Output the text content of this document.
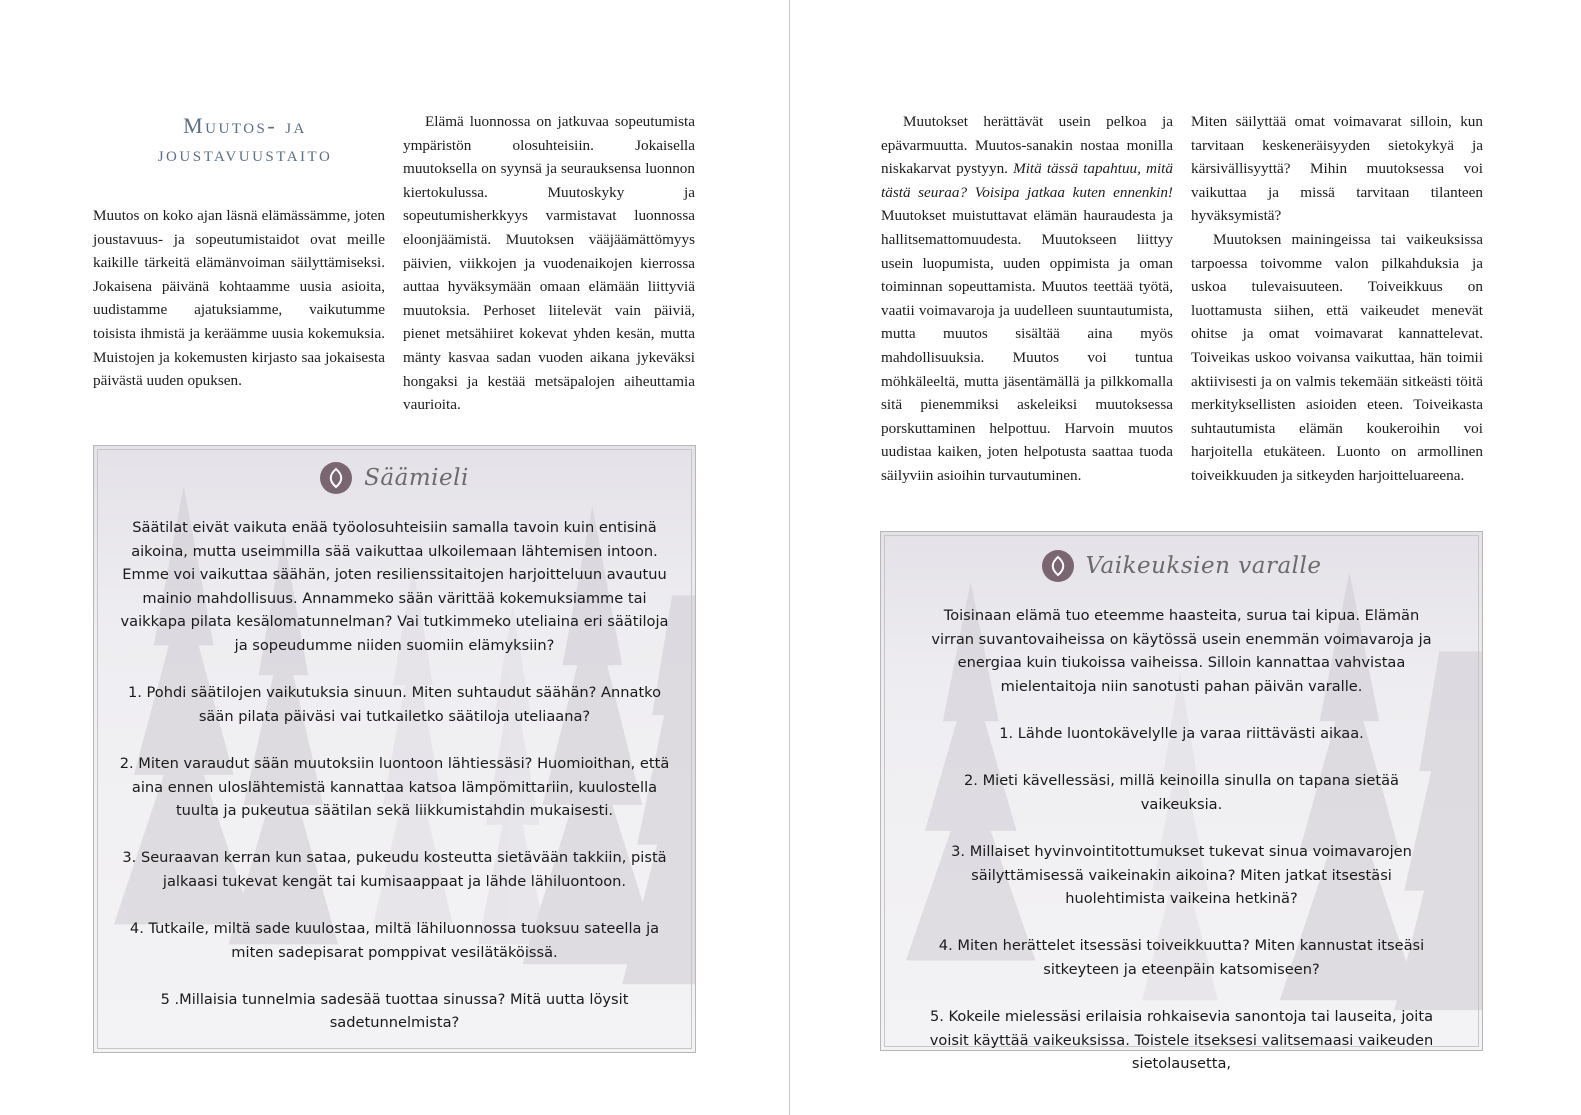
Muutos- ja joustavuustaito

Muutos on koko ajan läsnä elämässämme, joten joustavuus- ja sopeutumistaidot ovat meille kaikille tärkeitä elämänvoiman säilyttämiseksi. Jokaisena päivänä kohtaamme uusia asioita, uudistamme ajatuksiamme, vaikutumme toisista ihmistä ja keräämme uusia kokemuksia. Muistojen ja kokemusten kirjasto saa jokaisesta päivästä uuden opuksen.

Elämä luonnossa on jatkuvaa sopeutumista ympäristön olosuhteisiin. Jokaisella muutoksella on syynsä ja seurauksensa luonnon kiertokulussa. Muutoskyky ja sopeutumisherkkyys varmistavat luonnossa eloonjäämistä. Muutoksen vääjäämättömyys päivien, viikkojen ja vuodenaikojen kierrossa auttaa hyväksymään omaan elämään liittyviä muutoksia. Perhoset liitelevät vain päiviä, pienet metsähiiret kokevat yhden kesän, mutta mänty kasvaa sadan vuoden aikana jykeväksi hongaksi ja kestää metsäpalojen aiheuttamia vaurioita.

Säämieli

Säätilat eivät vaikuta enää työolosuhteisiin samalla tavoin kuin entisinä aikoina, mutta useimmilla sää vaikuttaa ulkoilemaan lähtemisen intoon. Emme voi vaikuttaa säähän, joten resilienssitaitojen harjoitteluun avautuu mainio mahdollisuus. Annammeko sään värittää kokemuksiamme tai vaikkapa pilata kesälomatunnelman? Vai tutkimmeko uteliaina eri säätiloja ja sopeudumme niiden suomiin elämyksiin?

1. Pohdi säätilojen vaikutuksia sinuun. Miten suhtaudut säähän? Annatko sään pilata päiväsi vai tutkailetko säätiloja uteliaana?

2. Miten varaudut sään muutoksiin luontoon lähtiessäsi? Huomioithan, että aina ennen uloslähtemistä kannattaa katsoa lämpömittariin, kuulostella tuulta ja pukeutua säätilan sekä liikkumistahdin mukaisesti.

3. Seuraavan kerran kun sataa, pukeudu kosteutta sietävään takkiin, pistä jalkaasi tukevat kengät tai kumisaappaat ja lähde lähiluontoon.

4. Tutkaile, miltä sade kuulostaa, miltä lähiluonnossa tuoksuu sateella ja miten sadepisarat pomppivat vesilätäköissä.

5 .Millaisia tunnelmia sadesää tuottaa sinussa? Mitä uutta löysit sadetunnelmista?

Muutokset herättävät usein pelkoa ja epävarmuutta. Muutos-sanakin nostaa monilla niskakarvat pystyyn. Mitä tässä tapahtuu, mitä tästä seuraa? Voisipa jatkaa kuten ennenkin! Muutokset muistuttavat elämän hauraudesta ja hallitsemattomuudesta. Muutokseen liittyy usein luopumista, uuden oppimista ja oman toiminnan sopeuttamista. Muutos teettää työtä, vaatii voimavaroja ja uudelleen suuntautumista, mutta muutos sisältää aina myös mahdollisuuksia. Muutos voi tuntua möhkäleeltä, mutta jäsentämällä ja pilkkomalla sitä pienemmiksi askeleiksi muutoksessa porskuttaminen helpottuu. Harvoin muutos uudistaa kaiken, joten helpotusta saattaa tuoda säilyviin asioihin turvautuminen.

Miten säilyttää omat voimavarat silloin, kun tarvitaan keskeneräisyyden sietokykyä ja kärsivällisyyttä? Mihin muutoksessa voi vaikuttaa ja missä tarvitaan tilanteen hyväksymistä?

Muutoksen mainingeissa tai vaikeuksissa tarpoessa toivomme valon pilkahduksia ja uskoa tulevaisuuteen. Toiveikkuus on luottamusta siihen, että vaikeudet menevät ohitse ja omat voimavarat kannattelevat. Toiveikas uskoo voivansa vaikuttaa, hän toimii aktiivisesti ja on valmis tekemään sitkeästi töitä merkityksellisten asioiden eteen. Toiveikasta suhtautumista elämän koukeroihin voi harjoitella etukäteen. Luonto on armollinen toiveikkuuden ja sitkeyden harjoitteluareena.

Vaikeuksien varalle

Toisinaan elämä tuo eteemme haasteita, surua tai kipua. Elämän virran suvantovaiheissa on käytössä usein enemmän voimavaroja ja energiaa kuin tiukoissa vaiheissa. Silloin kannattaa vahvistaa mielentaitoja niin sanotusti pahan päivän varalle.

1. Lähde luontokävelylle ja varaa riittävästi aikaa.

2. Mieti kävellessäsi, millä keinoilla sinulla on tapana sietää vaikeuksia.

3. Millaiset hyvinvointitottumukset tukevat sinua voimavarojen säilyttämisessä vaikeinakin aikoina? Miten jatkat itsestäsi huolehtimista vaikeina hetkinä?

4. Miten herättelet itsessäsi toiveikkuutta? Miten kannustat itseäsi sitkeyteen ja eteenpäin katsomiseen?

5. Kokeile mielessäsi erilaisia rohkaisevia sanontoja tai lauseita, joita voisit käyttää vaikeuksissa. Toistele itseksesi valitsemaasi vaikeuden sietolausetta,
